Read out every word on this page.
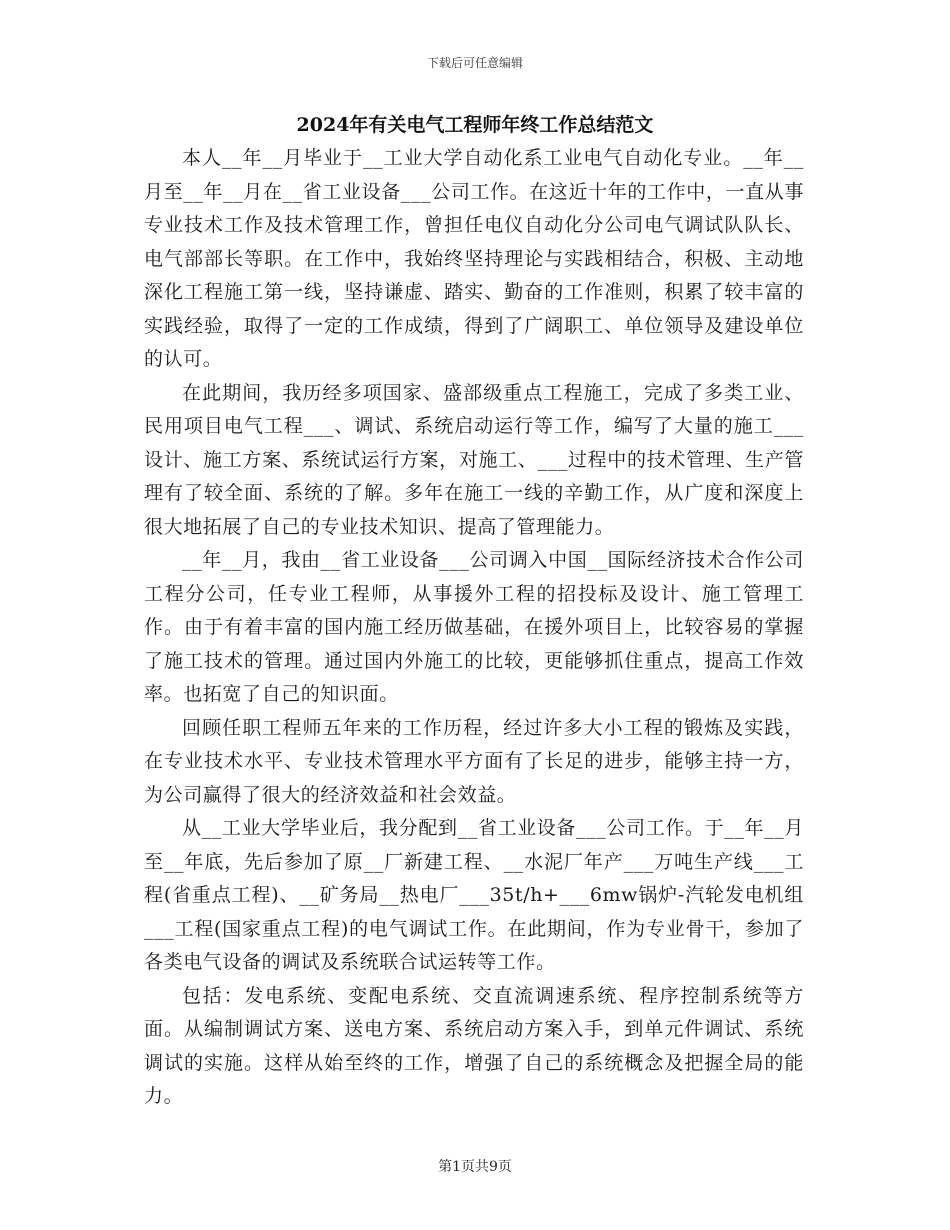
下载后可任意编辑
2024年有关电气工程师年终工作总结范文

本人__年__月毕业于__工业大学自动化系工业电气自动化专业。__年__月至__年__月在__省工业设备___公司工作。在这近十年的工作中，一直从事专业技术工作及技术管理工作，曾担任电仪自动化分公司电气调试队队长、电气部部长等职。在工作中，我始终坚持理论与实践相结合，积极、主动地深化工程施工第一线，坚持谦虚、踏实、勤奋的工作准则，积累了较丰富的实践经验，取得了一定的工作成绩，得到了广阔职工、单位领导及建设单位的认可。

在此期间，我历经多项国家、盛部级重点工程施工，完成了多类工业、民用项目电气工程___、调试、系统启动运行等工作，编写了大量的施工___设计、施工方案、系统试运行方案，对施工、___过程中的技术管理、生产管理有了较全面、系统的了解。多年在施工一线的辛勤工作，从广度和深度上很大地拓展了自己的专业技术知识、提高了管理能力。

__年__月，我由__省工业设备___公司调入中国__国际经济技术合作公司工程分公司，任专业工程师，从事援外工程的招投标及设计、施工管理工作。由于有着丰富的国内施工经历做基础，在援外项目上，比较容易的掌握了施工技术的管理。通过国内外施工的比较，更能够抓住重点，提高工作效率。也拓宽了自己的知识面。

回顾任职工程师五年来的工作历程，经过许多大小工程的锻炼及实践，在专业技术水平、专业技术管理水平方面有了长足的进步，能够主持一方，为公司赢得了很大的经济效益和社会效益。

从__工业大学毕业后，我分配到__省工业设备___公司工作。于__年__月至__年底，先后参加了原__厂新建工程、__水泥厂年产___万吨生产线___工程(省重点工程)、__矿务局__热电厂___35t/h+___6mw锅炉-汽轮发电机组___工程(国家重点工程)的电气调试工作。在此期间，作为专业骨干，参加了各类电气设备的调试及系统联合试运转等工作。

包括：发电系统、变配电系统、交直流调速系统、程序控制系统等方面。从编制调试方案、送电方案、系统启动方案入手，到单元件调试、系统调试的实施。这样从始至终的工作，增强了自己的系统概念及把握全局的能力。

第1页共9页
